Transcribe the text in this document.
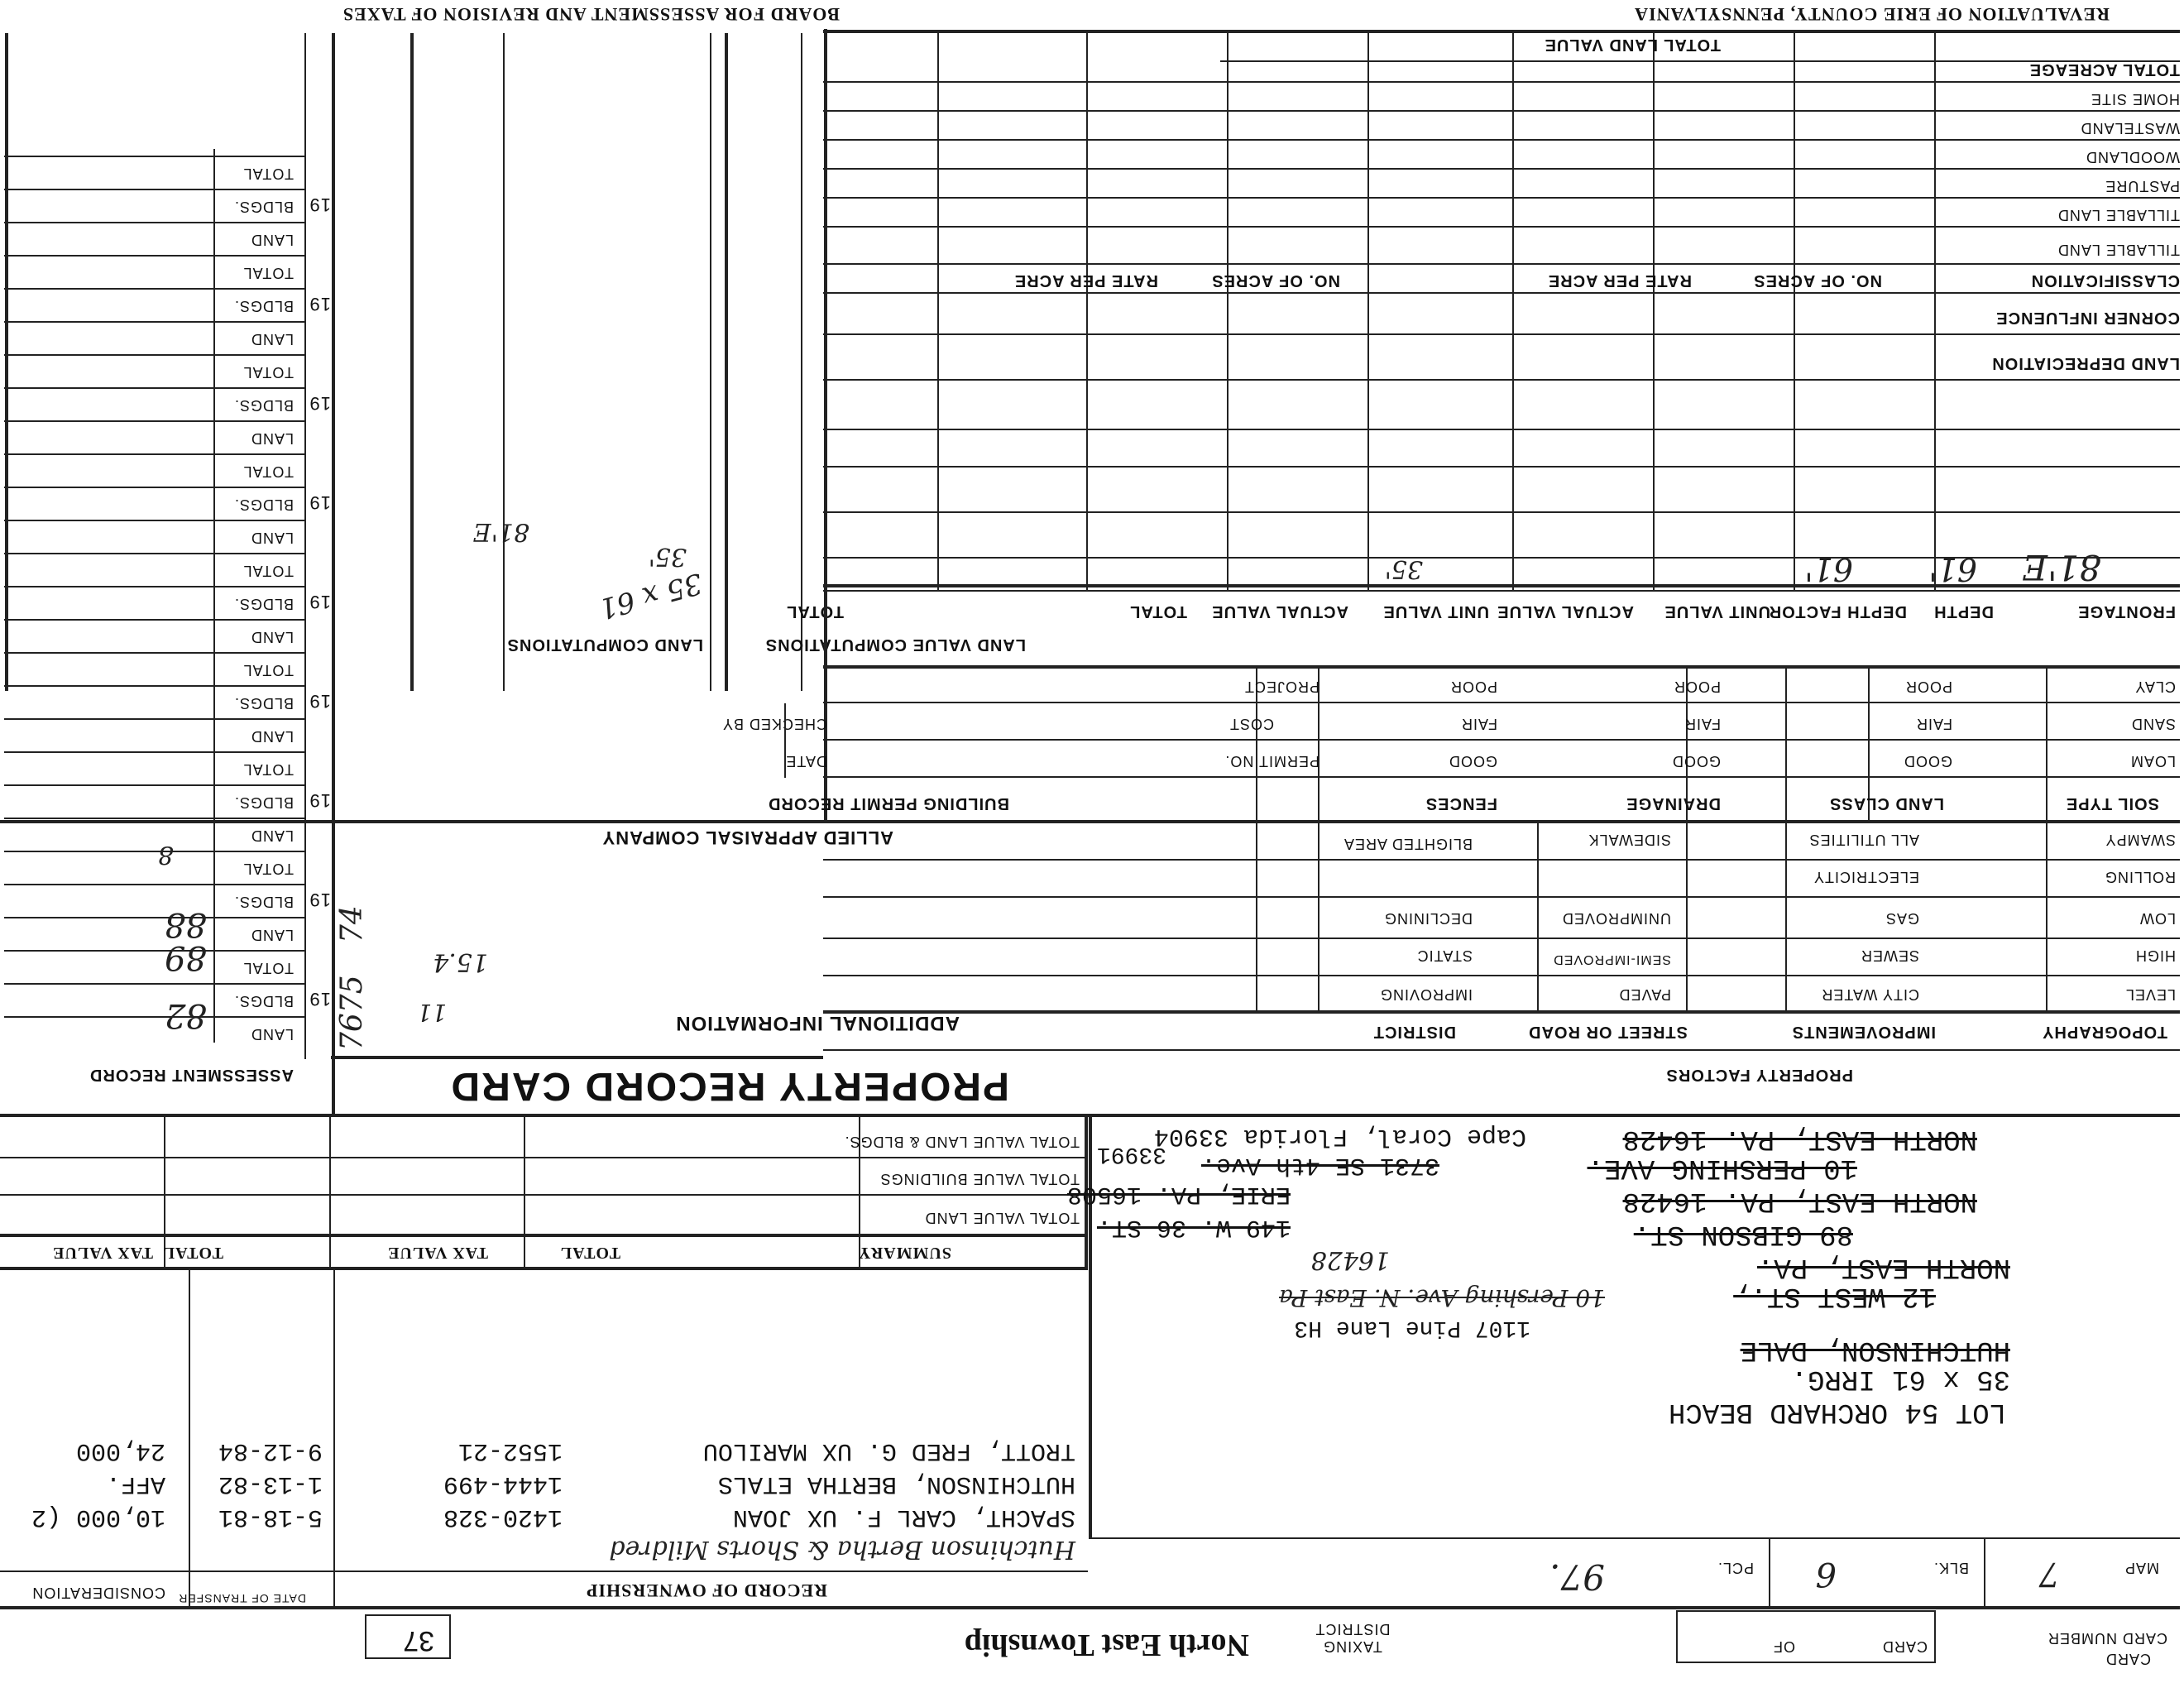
REVALUATION OF ERIE COUNTY, PENNSYLVANIA
BOARD FOR ASSESSMENT AND REVISION OF TAXES
TOTAL LAND VALUE
TOTAL ACREAGE
HOME SITE
WASTELAND
WOODLAND
PASTURE
TILLABLE LAND
TILLABLE LAND
CLASSIFICATION
NO. OF ACRES
RATE PER ACRE
NO. OF ACRES
RATE PER ACRE
CORNER INFLUENCE
LAND DEPRECIATION
FRONTAGE
DEPTH
DEPTH FACTOR
UNIT VALUE
ACTUAL VALUE
UNIT VALUE
ACTUAL VALUE
TOTAL
TOTAL
81'E
61'
61'
35'
LAND VALUE COMPUTATIONS
LAND COMPUTATIONS
35 x 61
35'
81'E
CLAY
SAND
LOAM
POOR
FAIR
GOOD
POOR
FAIR
GOOD
POOR
FAIR
GOOD
SOIL TYPE
LAND CLASS
DRAINAGE
FENCES
PROJECT
COST
PERMIT NO.
CHECKED BY
DATE
BUILDING PERMIT RECORD
SWAMPY
ROLLING
LOW
HIGH
LEVEL
ALL UTILITIES
ELECTRICITY
GAS
SEWER
CITY WATER
SIDEWALK
UNIMPROVED
SEMI-IMPROVED
PAVED
BLIGHTED AREA
DECLINING
STATIC
IMPROVING
TOPOGRAPHY
IMPROVEMENTS
STREET OR ROAD
DISTRICT
PROPERTY FACTORS
ALLIED APPRAISAL COMPANY
ADDITIONAL INFORMATION
15.4
11
7675
74
PROPERTY RECORD CARD
ASSESSMENT RECORD
19
LAND
BLDGS.
TOTAL
19
LAND
BLDGS.
TOTAL
19
LAND
BLDGS.
TOTAL
19
LAND
BLDGS.
TOTAL
19
LAND
BLDGS.
TOTAL
19
LAND
BLDGS.
TOTAL
19
LAND
BLDGS.
TOTAL
19
LAND
BLDGS.
TOTAL
19
LAND
BLDGS.
TOTAL
82
89
88
8
TOTAL VALUE LAND & BLDGS.
TOTAL VALUE BUILDINGS
TOTAL VALUE LAND
SUMMARY
TOTAL
TAX VALUE
TOTAL
TAX VALUE
NORTH EAST, PA. 16428
10 PERSHING AVE.
NORTH EAST, PA. 16428
89 GIBSON ST.
NORTH EAST, PA.
12 WEST ST.,
HUTCHINSON, DALE
35 x 61 IRRG.
LOT 54 ORCHARD BEACH
Cape Coral, Florida 33904
3731 SE 4th Ave.
33991
ERIE, PA. 16508
149 W. 36 ST.
1107 Pine Lane H3
16428
10 Pershing Ave. N. East Pa
RECORD OF OWNERSHIP
DATE OF TRANSFER
CONSIDERATION
Hutchinson Bertha & Shorts Mildred
TROTT, FRED G. UX MARILOU
1552-21
9-12-84
24,000
HUTCHINSON, BERTHA ETALS
1444-499
1-13-82
AFF.
SPACHT, CARL F. UX JOAN
1420-328
5-18-81
10,000 (2
MAP
7
BLK.
6
PCL.
97.
CARD
CARD NUMBER
CARD
OF
TAXING DISTRICT
North East Township
37
